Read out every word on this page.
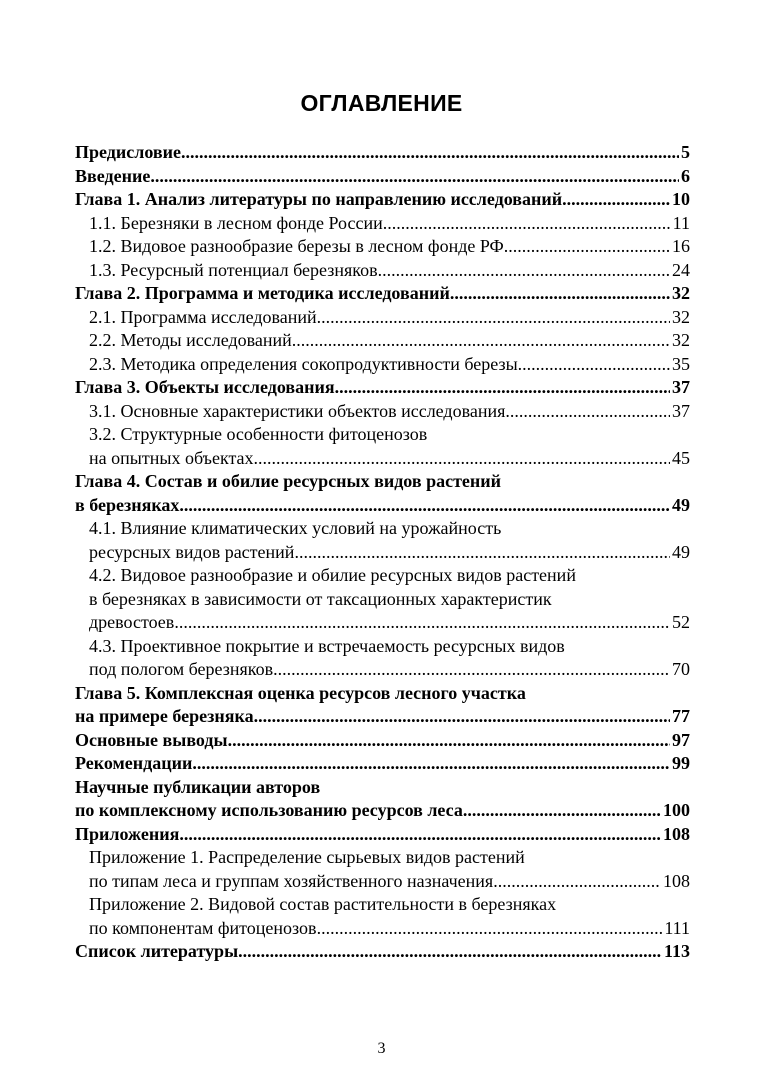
ОГЛАВЛЕНИЕ
Предисловие .....	5
Введение .....	6
Глава 1. Анализ литературы по направлению исследований .....	10
1.1. Березняки в лесном фонде России .....	11
1.2. Видовое разнообразие березы в лесном фонде РФ .....	16
1.3. Ресурсный потенциал березняков .....	24
Глава 2. Программа и методика исследований .....	32
2.1. Программа исследований .....	32
2.2. Методы исследований .....	32
2.3. Методика определения сокопродуктивности березы .....	35
Глава 3. Объекты исследования .....	37
3.1. Основные характеристики объектов исследования .....	37
3.2. Структурные особенности фитоценозов
на опытных объектах .....	45
Глава 4. Состав и обилие ресурсных видов растений
в березняках .....	49
4.1. Влияние климатических условий на урожайность
ресурсных видов растений .....	49
4.2. Видовое разнообразие и обилие ресурсных видов растений
в березняках в зависимости от таксационных характеристик
древостоев .....	52
4.3. Проективное покрытие и встречаемость ресурсных видов
под пологом березняков .....	70
Глава 5. Комплексная оценка ресурсов лесного участка
на примере березняка .....	77
Основные выводы .....	97
Рекомендации .....	99
Научные публикации авторов
по комплексному использованию ресурсов леса .....	100
Приложения .....	108
Приложение 1. Распределение сырьевых видов растений
по типам леса и группам хозяйственного назначения .....	108
Приложение 2. Видовой состав растительности в березняках
по компонентам фитоценозов .....	111
Список литературы .....	113
3
